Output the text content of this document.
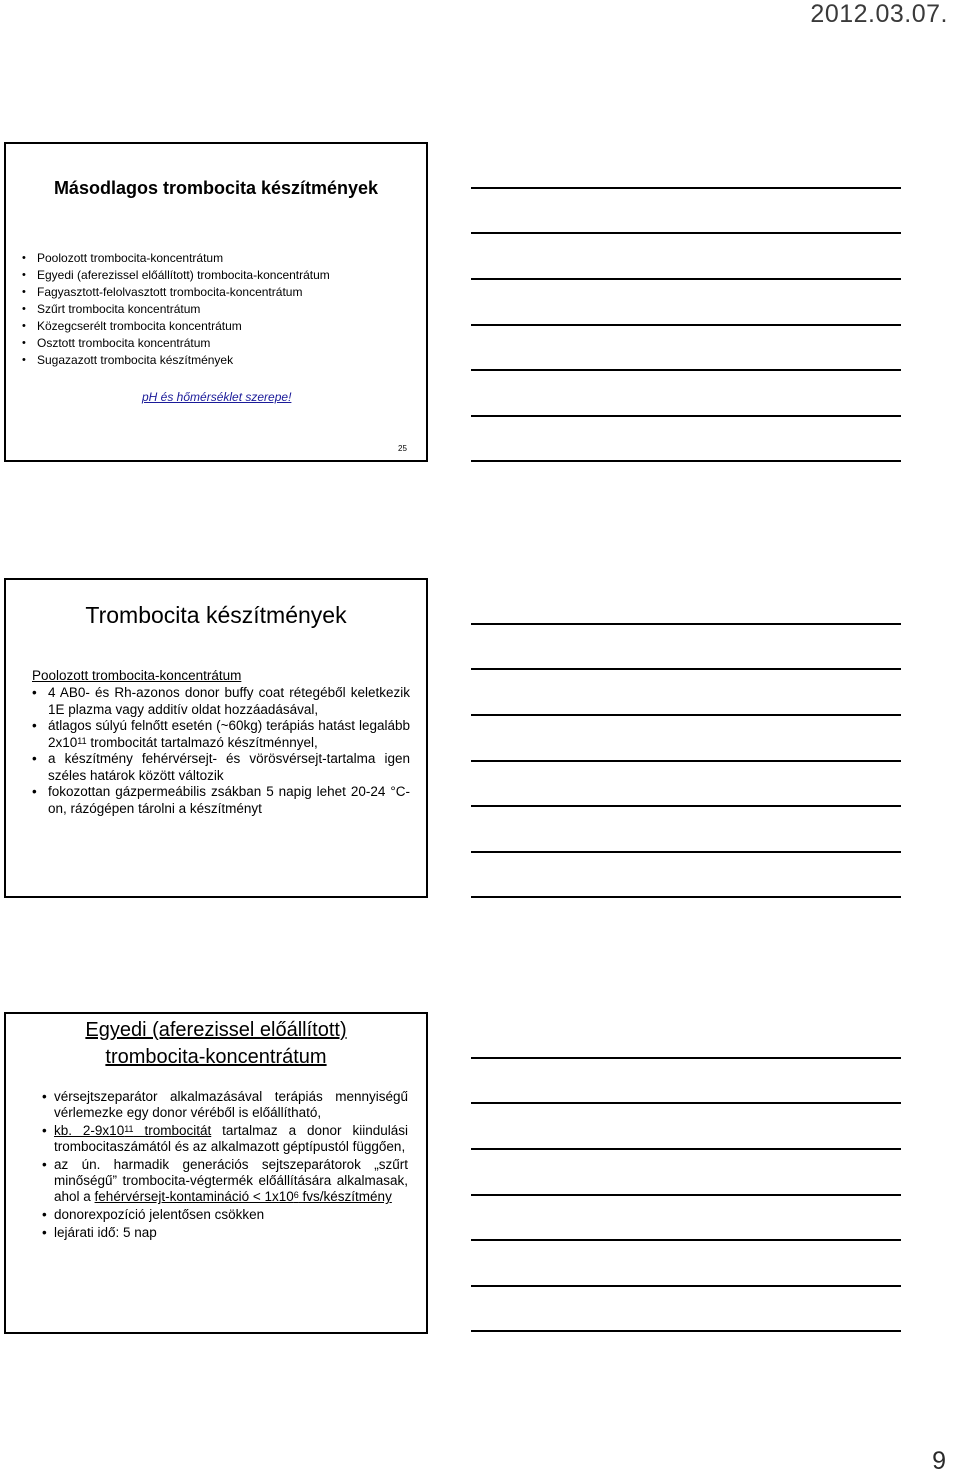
2012.03.07.
Másodlagos trombocita készítmények
• Poolozott trombocita-koncentrátum
• Egyedi (aferezissel előállított) trombocita-koncentrátum
• Fagyasztott-felolvasztott trombocita-koncentrátum
• Szűrt trombocita koncentrátum
• Közegcserélt trombocita koncentrátum
• Osztott trombocita koncentrátum
• Sugazazott trombocita készítmények
pH és hőmérséklet szerepe!
25
Trombocita készítmények
Poolozott trombocita-koncentrátum
• 4 AB0- és Rh-azonos donor buffy coat rétegéből keletkezik 1E plazma vagy additív oldat hozzáadásával,
• átlagos súlyú felnőtt esetén (~60kg) terápiás hatást legalább $2x10^{11}$ trombocitát tartalmazó készítménnyel,
• a készítmény fehérvérsejt- és vörösvérsejt-tartalma igen széles határok között változik
• fokozottan gázpermeábilis zsákban 5 napig lehet 20-24 °C-on, rázógépen tárolni a készítményt
Egyedi (aferezissel előállított)
trombocita-koncentrátum
• vérsejtszeparátor alkalmazásával terápiás mennyiségű vérlemezke egy donor véréből is előállítható,
• kb. $2-9x10^{11}$ trombocitát tartalmaz a donor kiindulási trombocitaszámától és az alkalmazott géptípustól függően,
• az ún. harmadik generációs sejtszeparátorok „szűrt minőségű” trombocita-végtermék előállítására alkalmasak, ahol a fehérvérsejt-kontamináció < $1x10^6$ fvs/készítmény
• donorexpozíció jelentősen csökken
• lejárati idő: 5 nap
9
